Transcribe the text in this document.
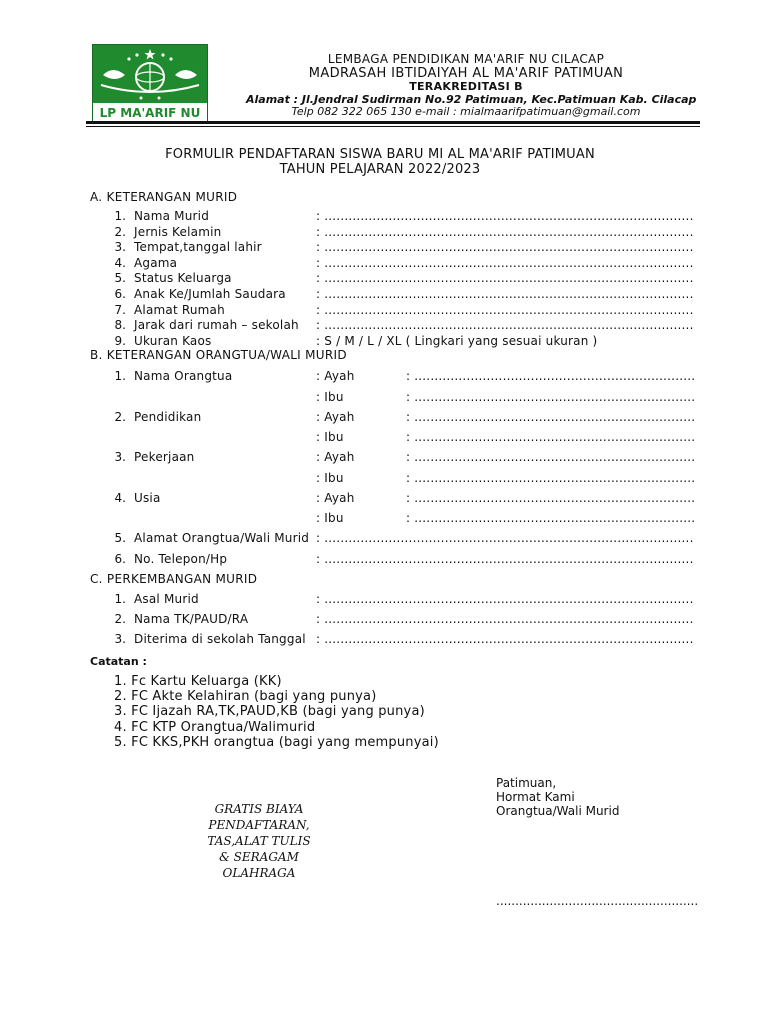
LP MA'ARIF NU
LEMBAGA PENDIDIKAN MA'ARIF NU CILACAP
MADRASAH IBTIDAIYAH AL MA'ARIF PATIMUAN
TERAKREDITASI B
Alamat : Jl.Jendral Sudirman No.92 Patimuan, Kec.Patimuan Kab. Cilacap
Telp 082 322 065 130 e-mail : mialmaarifpatimuan@gmail.com
FORMULIR PENDAFTARAN SISWA BARU MI AL MA'ARIF PATIMUAN
TAHUN PELAJARAN 2022/2023
A. KETERANGAN MURID
1. Nama Murid	: ............................................................................................
2. Jernis Kelamin	: ............................................................................................
3. Tempat,tanggal lahir	: ............................................................................................
4. Agama	: ............................................................................................
5. Status Keluarga	: ............................................................................................
6. Anak Ke/Jumlah Saudara	: ............................................................................................
7. Alamat Rumah	: ............................................................................................
8. Jarak dari rumah – sekolah : ............................................................................................
9. Ukuran Kaos	: S / M / L / XL ( Lingkari yang sesuai ukuran )
B. KETERANGAN ORANGTUA/WALI MURID
1. Nama Orangtua	: Ayah	: ......................................................................
: Ibu	: ......................................................................
2. Pendidikan	: Ayah	: ......................................................................
: Ibu	: ......................................................................
3. Pekerjaan	: Ayah	: ......................................................................
: Ibu	: ......................................................................
4. Usia	: Ayah	: ......................................................................
: Ibu	: ......................................................................
5. Alamat Orangtua/Wali Murid : ............................................................................................
6. No. Telepon/Hp	: ............................................................................................
C. PERKEMBANGAN MURID
1. Asal Murid	: ............................................................................................
2. Nama TK/PAUD/RA	: ............................................................................................
3. Diterima di sekolah Tanggal : ............................................................................................
Catatan :
1. Fc Kartu Keluarga (KK)
2. FC Akte Kelahiran (bagi yang punya)
3. FC Ijazah RA,TK,PAUD,KB (bagi yang punya)
4. FC KTP Orangtua/Walimurid
5. FC KKS,PKH orangtua (bagi yang mempunyai)
GRATIS BIAYA
PENDAFTARAN,
TAS,ALAT TULIS
& SERAGAM
OLAHRAGA
Patimuan,
Hormat Kami
Orangtua/Wali Murid
.....................................................
